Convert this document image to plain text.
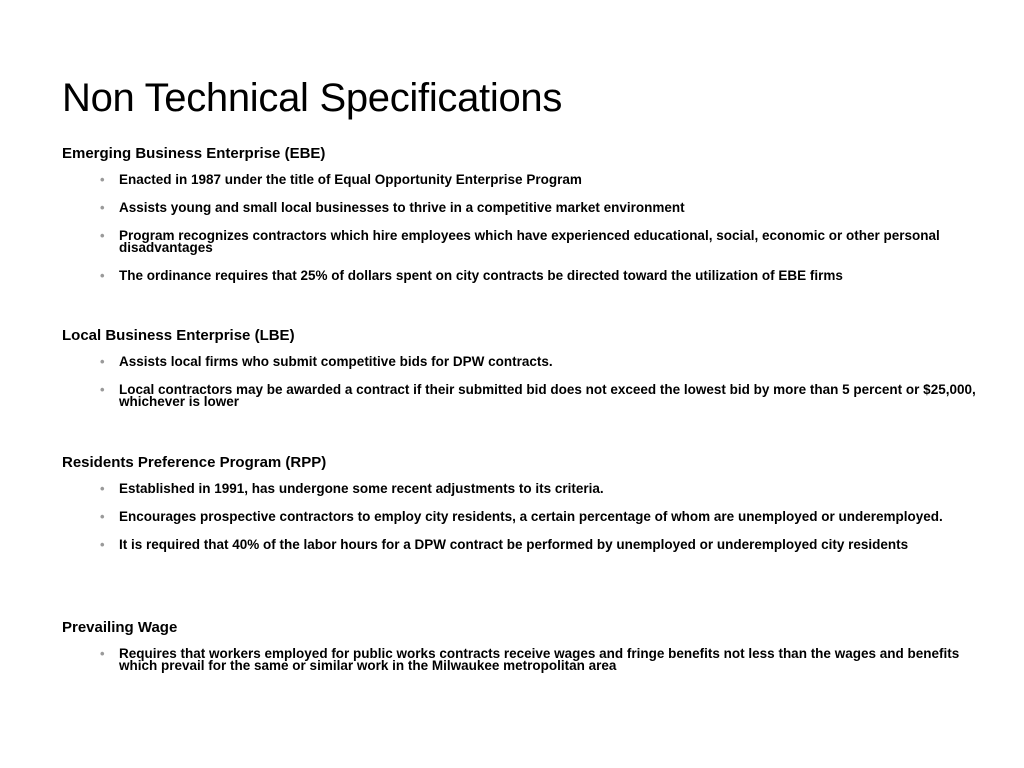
Non Technical Specifications
Emerging Business Enterprise (EBE)
• Enacted in 1987 under the title of Equal Opportunity Enterprise Program
• Assists young and small local businesses to thrive in a competitive market environment
• Program recognizes contractors which hire employees which have experienced educational, social, economic or other personal disadvantages
• The ordinance requires that 25% of dollars spent on city contracts be directed toward the utilization of EBE firms
Local Business Enterprise (LBE)
• Assists local firms who submit competitive bids for DPW contracts.
• Local contractors may be awarded a contract if their submitted bid does not exceed the lowest bid by more than 5 percent or $25,000, whichever is lower
Residents Preference Program (RPP)
• Established in 1991, has undergone some recent adjustments to its criteria.
• Encourages prospective contractors to employ city residents, a certain percentage of whom are unemployed or underemployed.
• It is required that 40% of the labor hours for a DPW contract be performed by unemployed or underemployed city residents
Prevailing Wage
• Requires that workers employed for public works contracts receive wages and fringe benefits not less than the wages and benefits which prevail for the same or similar work in the Milwaukee metropolitan area
